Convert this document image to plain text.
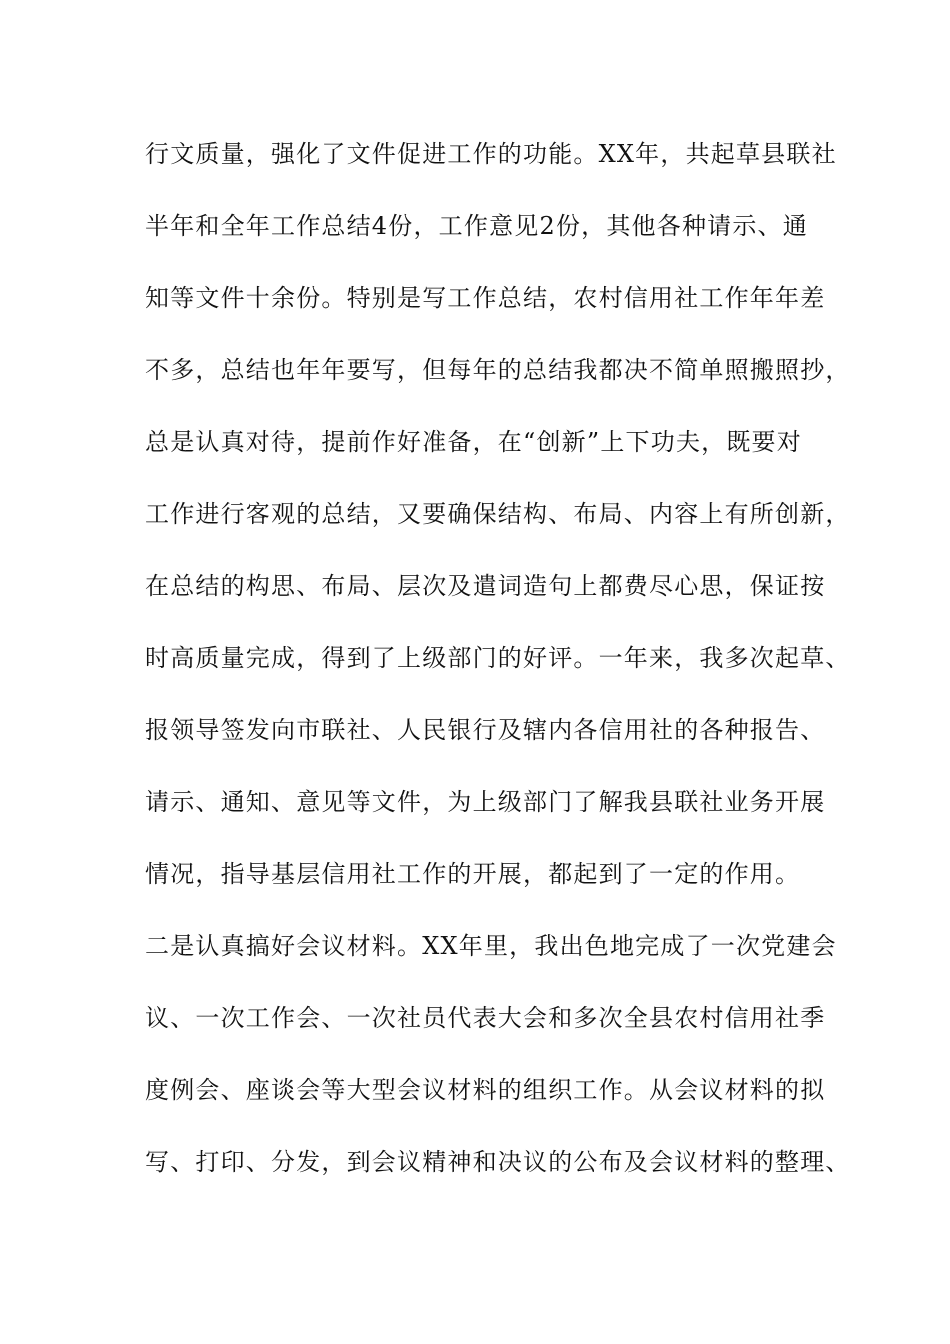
行文质量，强化了文件促进工作的功能。XX年，共起草县联社
半年和全年工作总结4份，工作意见2份，其他各种请示、通
知等文件十余份。特别是写工作总结，农村信用社工作年年差
不多，总结也年年要写，但每年的总结我都决不简单照搬照抄，
总是认真对待，提前作好准备，在“创新”上下功夫，既要对
工作进行客观的总结，又要确保结构、布局、内容上有所创新，
在总结的构思、布局、层次及遣词造句上都费尽心思，保证按
时高质量完成，得到了上级部门的好评。一年来，我多次起草、
报领导签发向市联社、人民银行及辖内各信用社的各种报告、
请示、通知、意见等文件，为上级部门了解我县联社业务开展
情况，指导基层信用社工作的开展，都起到了一定的作用。
二是认真搞好会议材料。XX年里，我出色地完成了一次党建会
议、一次工作会、一次社员代表大会和多次全县农村信用社季
度例会、座谈会等大型会议材料的组织工作。从会议材料的拟
写、打印、分发，到会议精神和决议的公布及会议材料的整理、
